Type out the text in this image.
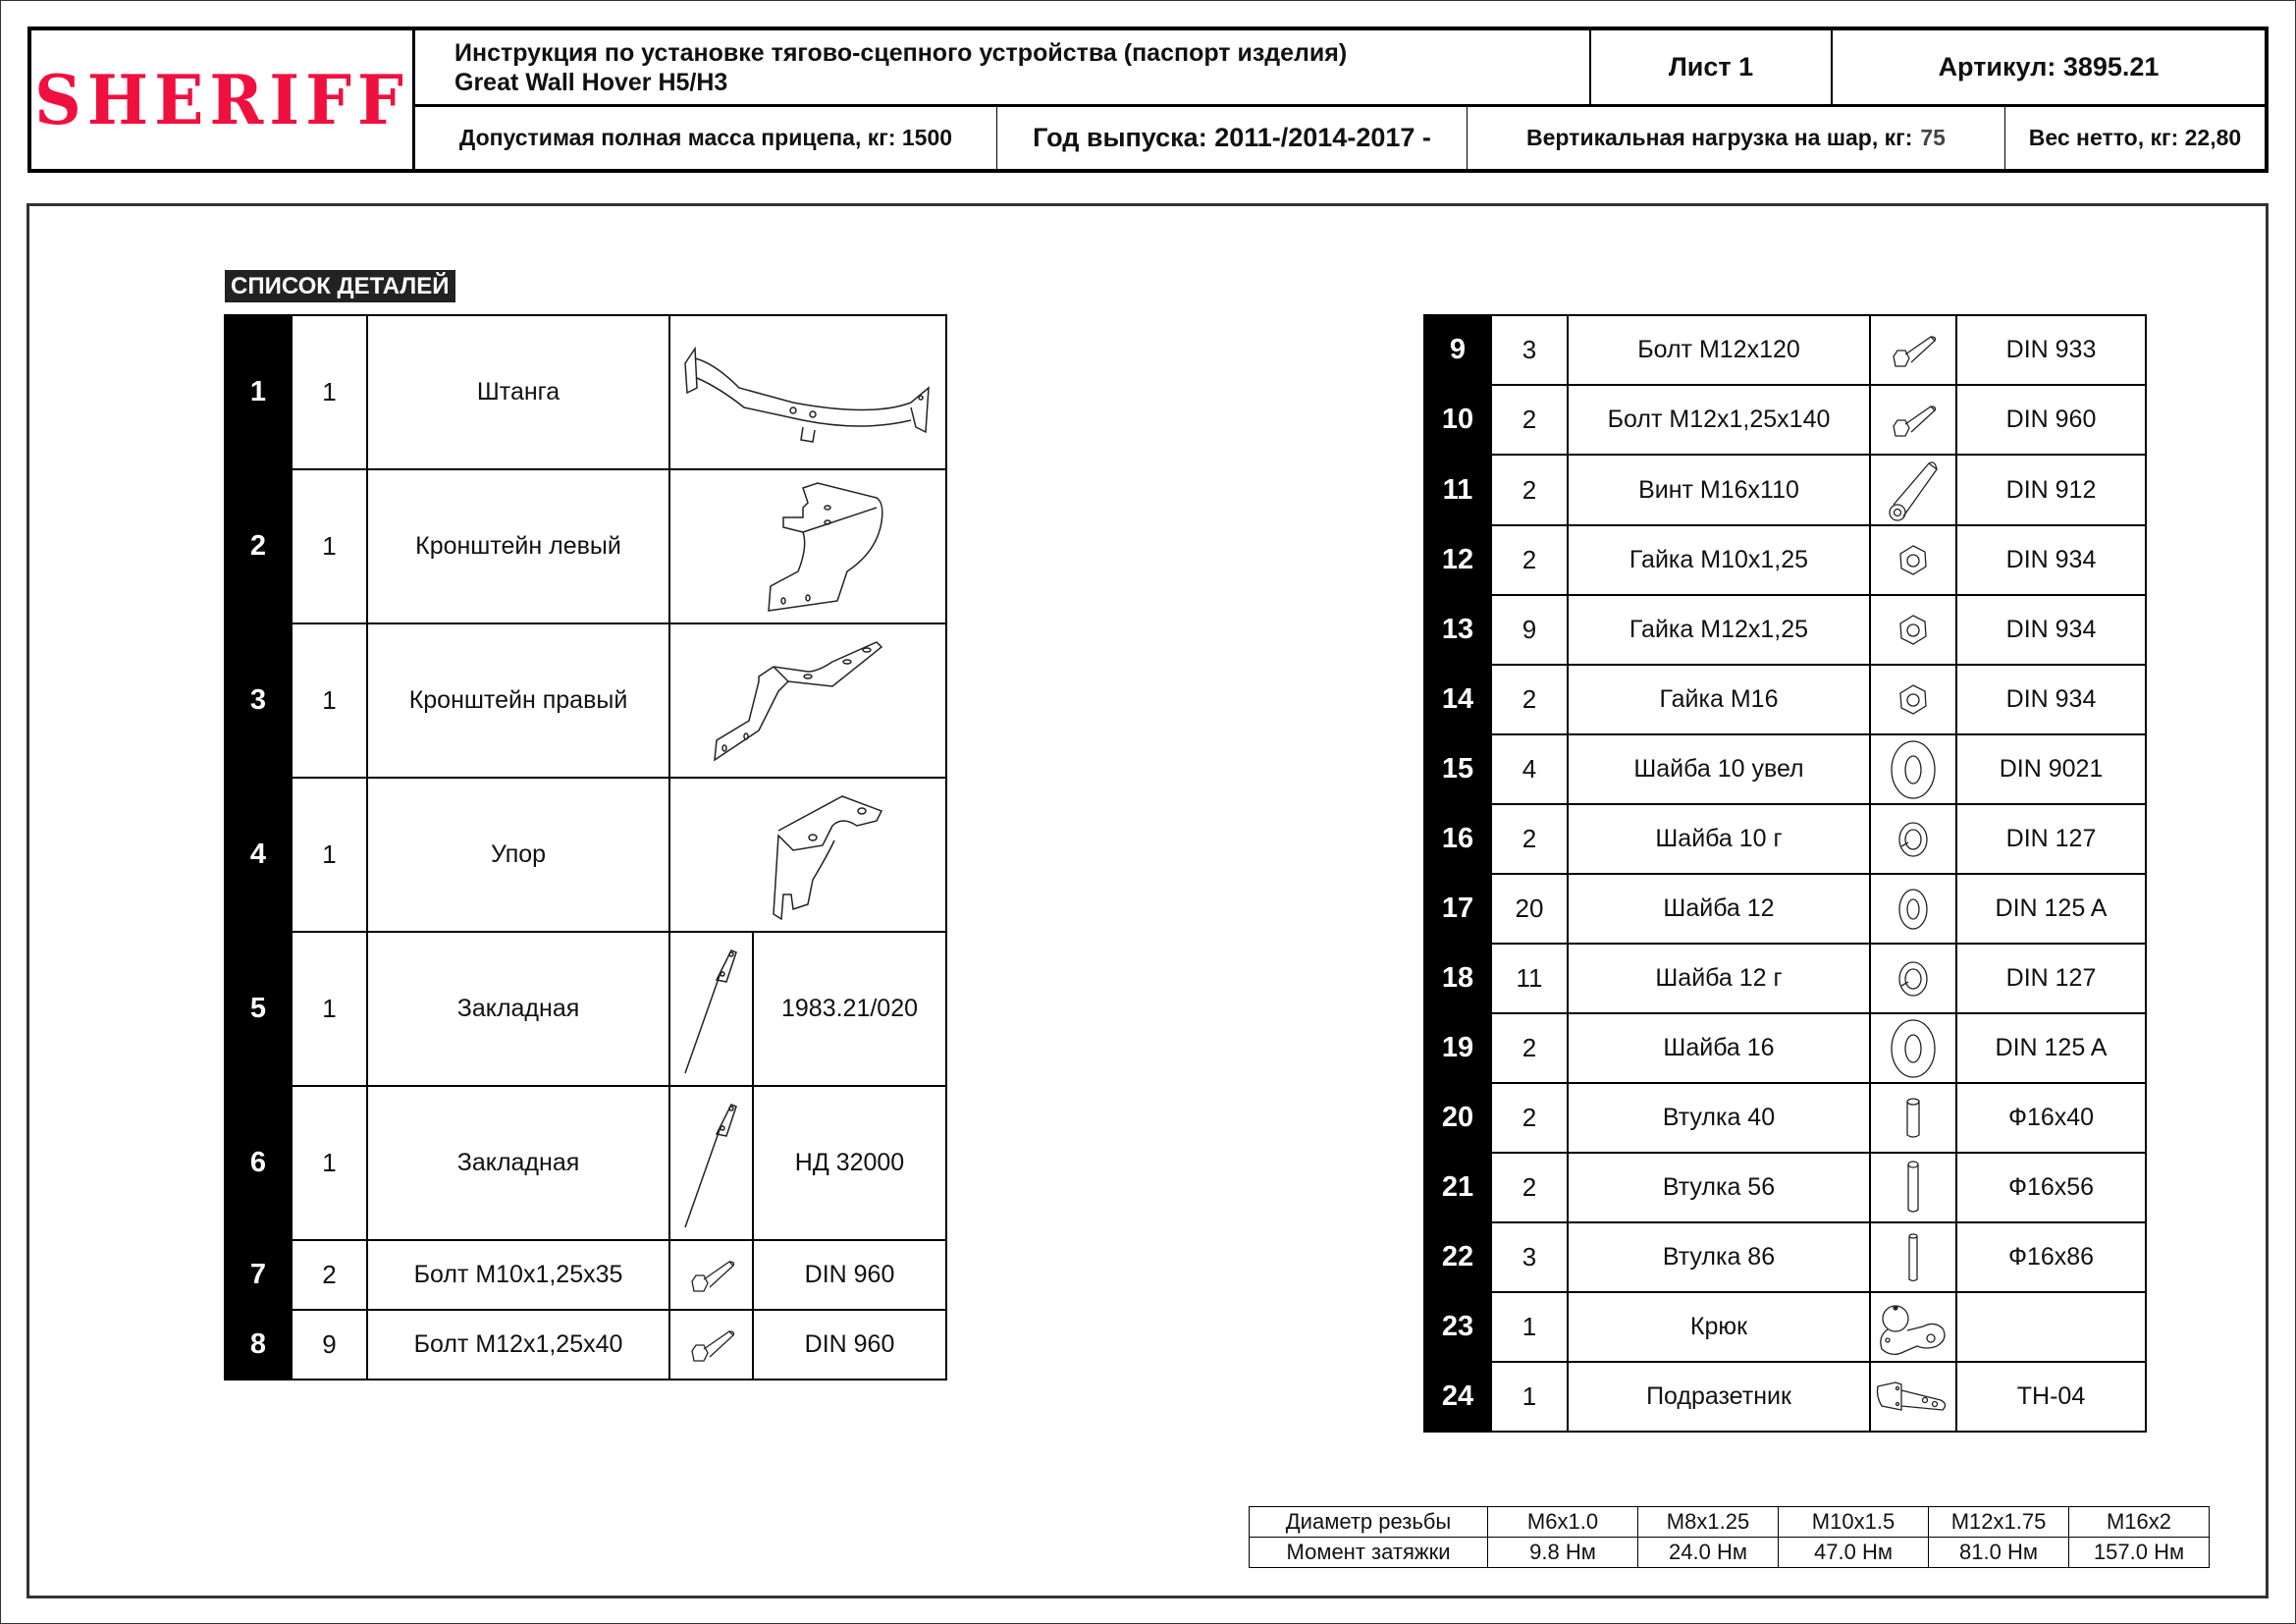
SHERIFF
Инструкция по установке тягово-сцепного устройства (паспорт изделия)
Great Wall Hover H5/H3
Лист 1	Артикул: 3895.21
Допустимая полная масса прицепа, кг: 1500	Год выпуска: 2011-/2014-2017 -	Вертикальная нагрузка на шар, кг: 75	Вес нетто, кг: 22,80
СПИСОК ДЕТАЛЕЙ
1	1	Штанга	

2	1	Кронштейн левый	

3	1	Кронштейн правый	

4	1	Упор	

5	1	Закладная		1983.21/020
6	1	Закладная		НД 32000
7	2	Болт М10х1,25х35		DIN 960
8	9	Болт М12х1,25х40		DIN 960
9	3	Болт М12х120		DIN 933
10	2	Болт М12х1,25х140		DIN 960
11	2	Винт М16х110		DIN 912
12	2	Гайка М10х1,25		DIN 934
13	9	Гайка М12х1,25		DIN 934
14	2	Гайка М16		DIN 934
15	4	Шайба 10 увел		DIN 9021
16	2	Шайба 10 г		DIN 127
17	20	Шайба 12		DIN 125 A
18	11	Шайба 12 г		DIN 127
19	2	Шайба 16		DIN 125 A
20	2	Втулка 40		Ф16х40
21	2	Втулка 56		Ф16х56
22	3	Втулка 86		Ф16х86
23	1	Крюк	

24	1	Подразетник		ТН-04
Диаметр резьбы	М6х1.0	М8х1.25	М10х1.5	М12х1.75	М16х2
Момент затяжки	9.8 Нм	24.0 Нм	47.0 Нм	81.0 Нм	157.0 Нм
